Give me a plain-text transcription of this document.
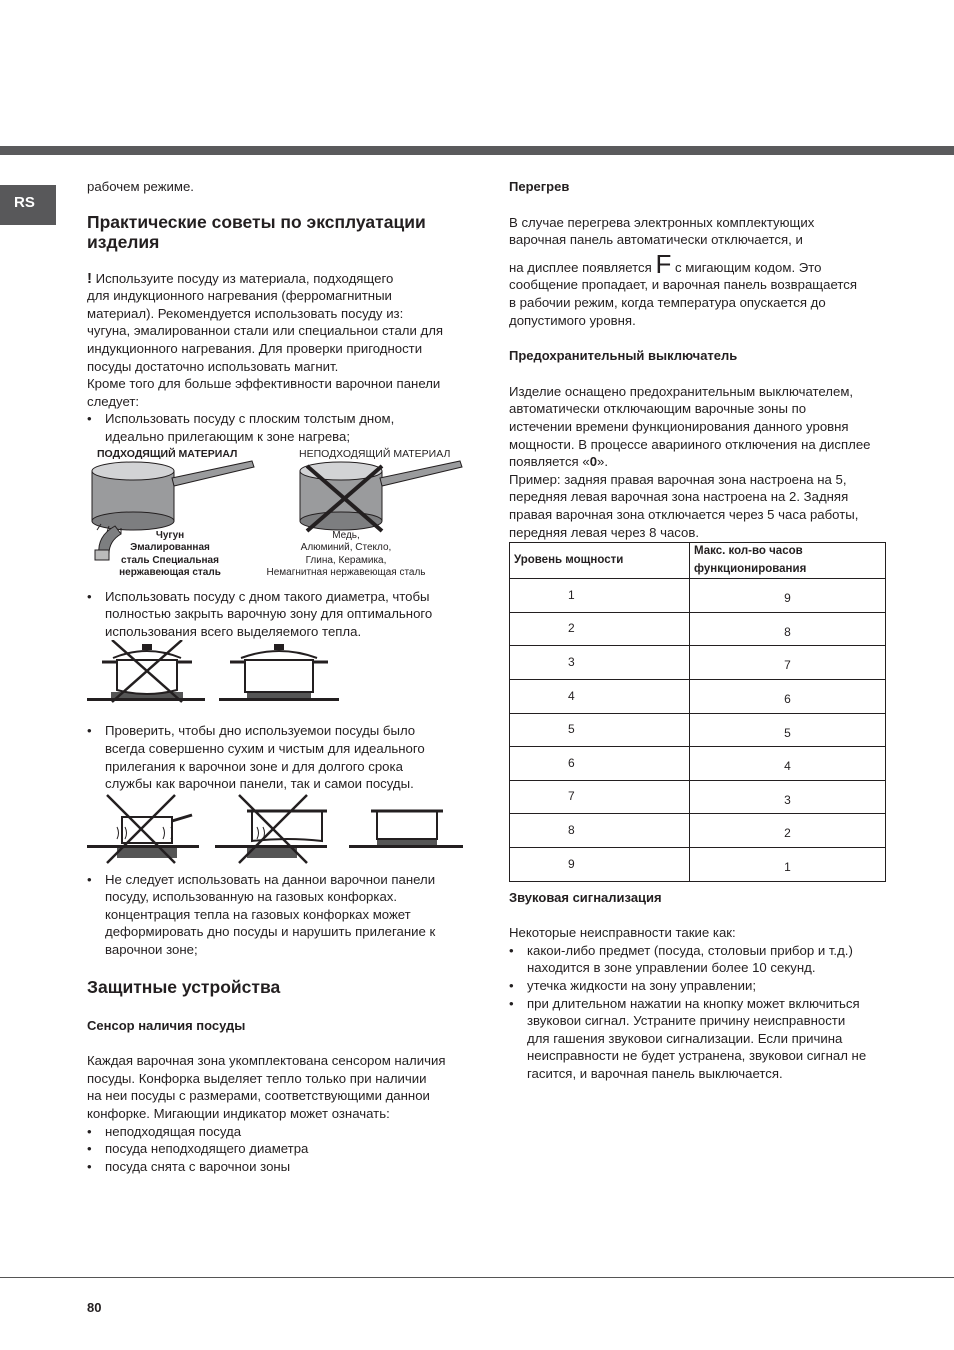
RS

рабочем режиме.

Практические советы по эксплуатации изделия

! Используите посуду из материала, подходящего

для индукционного нагревания (ферромагнитныи

материал). Рекомендуется использовать посуду из:

чугуна, эмалированнои стали или специальнои стали для

индукционного нагревания. Для проверки пригодности

посуды достаточно использовать магнит.

Кроме того для больше эффективности варочнои панели

следует:

• Использовать посуду с плоским толстым дном,
идеально прилегающим к зоне нагрева;
ПОДХОДЯЩИЙ МАТЕРИАЛ	НЕПОДХОДЯЩИЙ МАТЕРИАЛ
Чугун
Эмалированная
сталь Специальная
нержавеющая сталь
Медь,
Алюминий, Стекло,
Глина, Керамика,
Немагнитная нержавеющая сталь
• Использовать посуду с дном такого диаметра, чтобы
полностью закрыть варочную зону для оптимального
использования всего выделяемого тепла.
• Проверить, чтобы дно используемои посуды было
всегда совершенно сухим и чистым для идеального
прилегания к варочнои зоне и для долгого срока
службы как варочнои панели, так и самои посуды.
• Не следует использовать на даннои варочнои панели
посуду, использованную на газовых конфорках.
концентрация тепла на газовых конфорках может
деформировать дно посуды и нарушить прилегание к
варочнои зоне;
Защитные устройства
Сенсор наличия посуды

Каждая варочная зона укомплектована сенсором наличия

посуды. Конфорка выделяет тепло только при наличии

на неи посуды с размерами, соответствующими даннои

конфорке. Мигающии индикатор может означать:

• неподходящая посуда
• посуда неподходящего диаметра
• посуда снята с варочнои зоны
Перегрев

В случае перегрева электронных комплектующих

варочная панель автоматически отключается, и

на дисплее появляется F с мигающим кодом. Это

сообщение пропадает, и варочная панель возвращается

в рабочии режим, когда температура опускается до

допустимого уровня.

Предохранительный выключатель

Изделие оснащено предохранительным выключателем,

автоматически отключающим варочные зоны по

истечении времени функционирования данного уровня

мощности. В процессе аварииного отключения на дисплее

появляется «0».

Пример: задняя правая варочная зона настроена на 5,

передняя левая варочная зона настроена на 2. Задняя

правая варочная зона отключается через 5 часа работы,

передняя левая через 8 часов.

Уровень мощности	Макс. кол-во часов функционирования
1	9
2	8
3	7
4	6
5	5
6	4
7	3
8	2
9	1
Звуковая сигнализация

Некоторые неисправности такие как:

• какои-либо предмет (посуда, столовыи прибор и т.д.)
находится в зоне управлении более 10 секунд.
• утечка жидкости на зону управлении;
• при длительном нажатии на кнопку может включиться
звуковои сигнал. Устраните причину неисправности
для гашения звуковои сигнализации. Если причина
неисправности не будет устранена, звуковои сигнал не
гасится, и варочная панель выключается.
80
